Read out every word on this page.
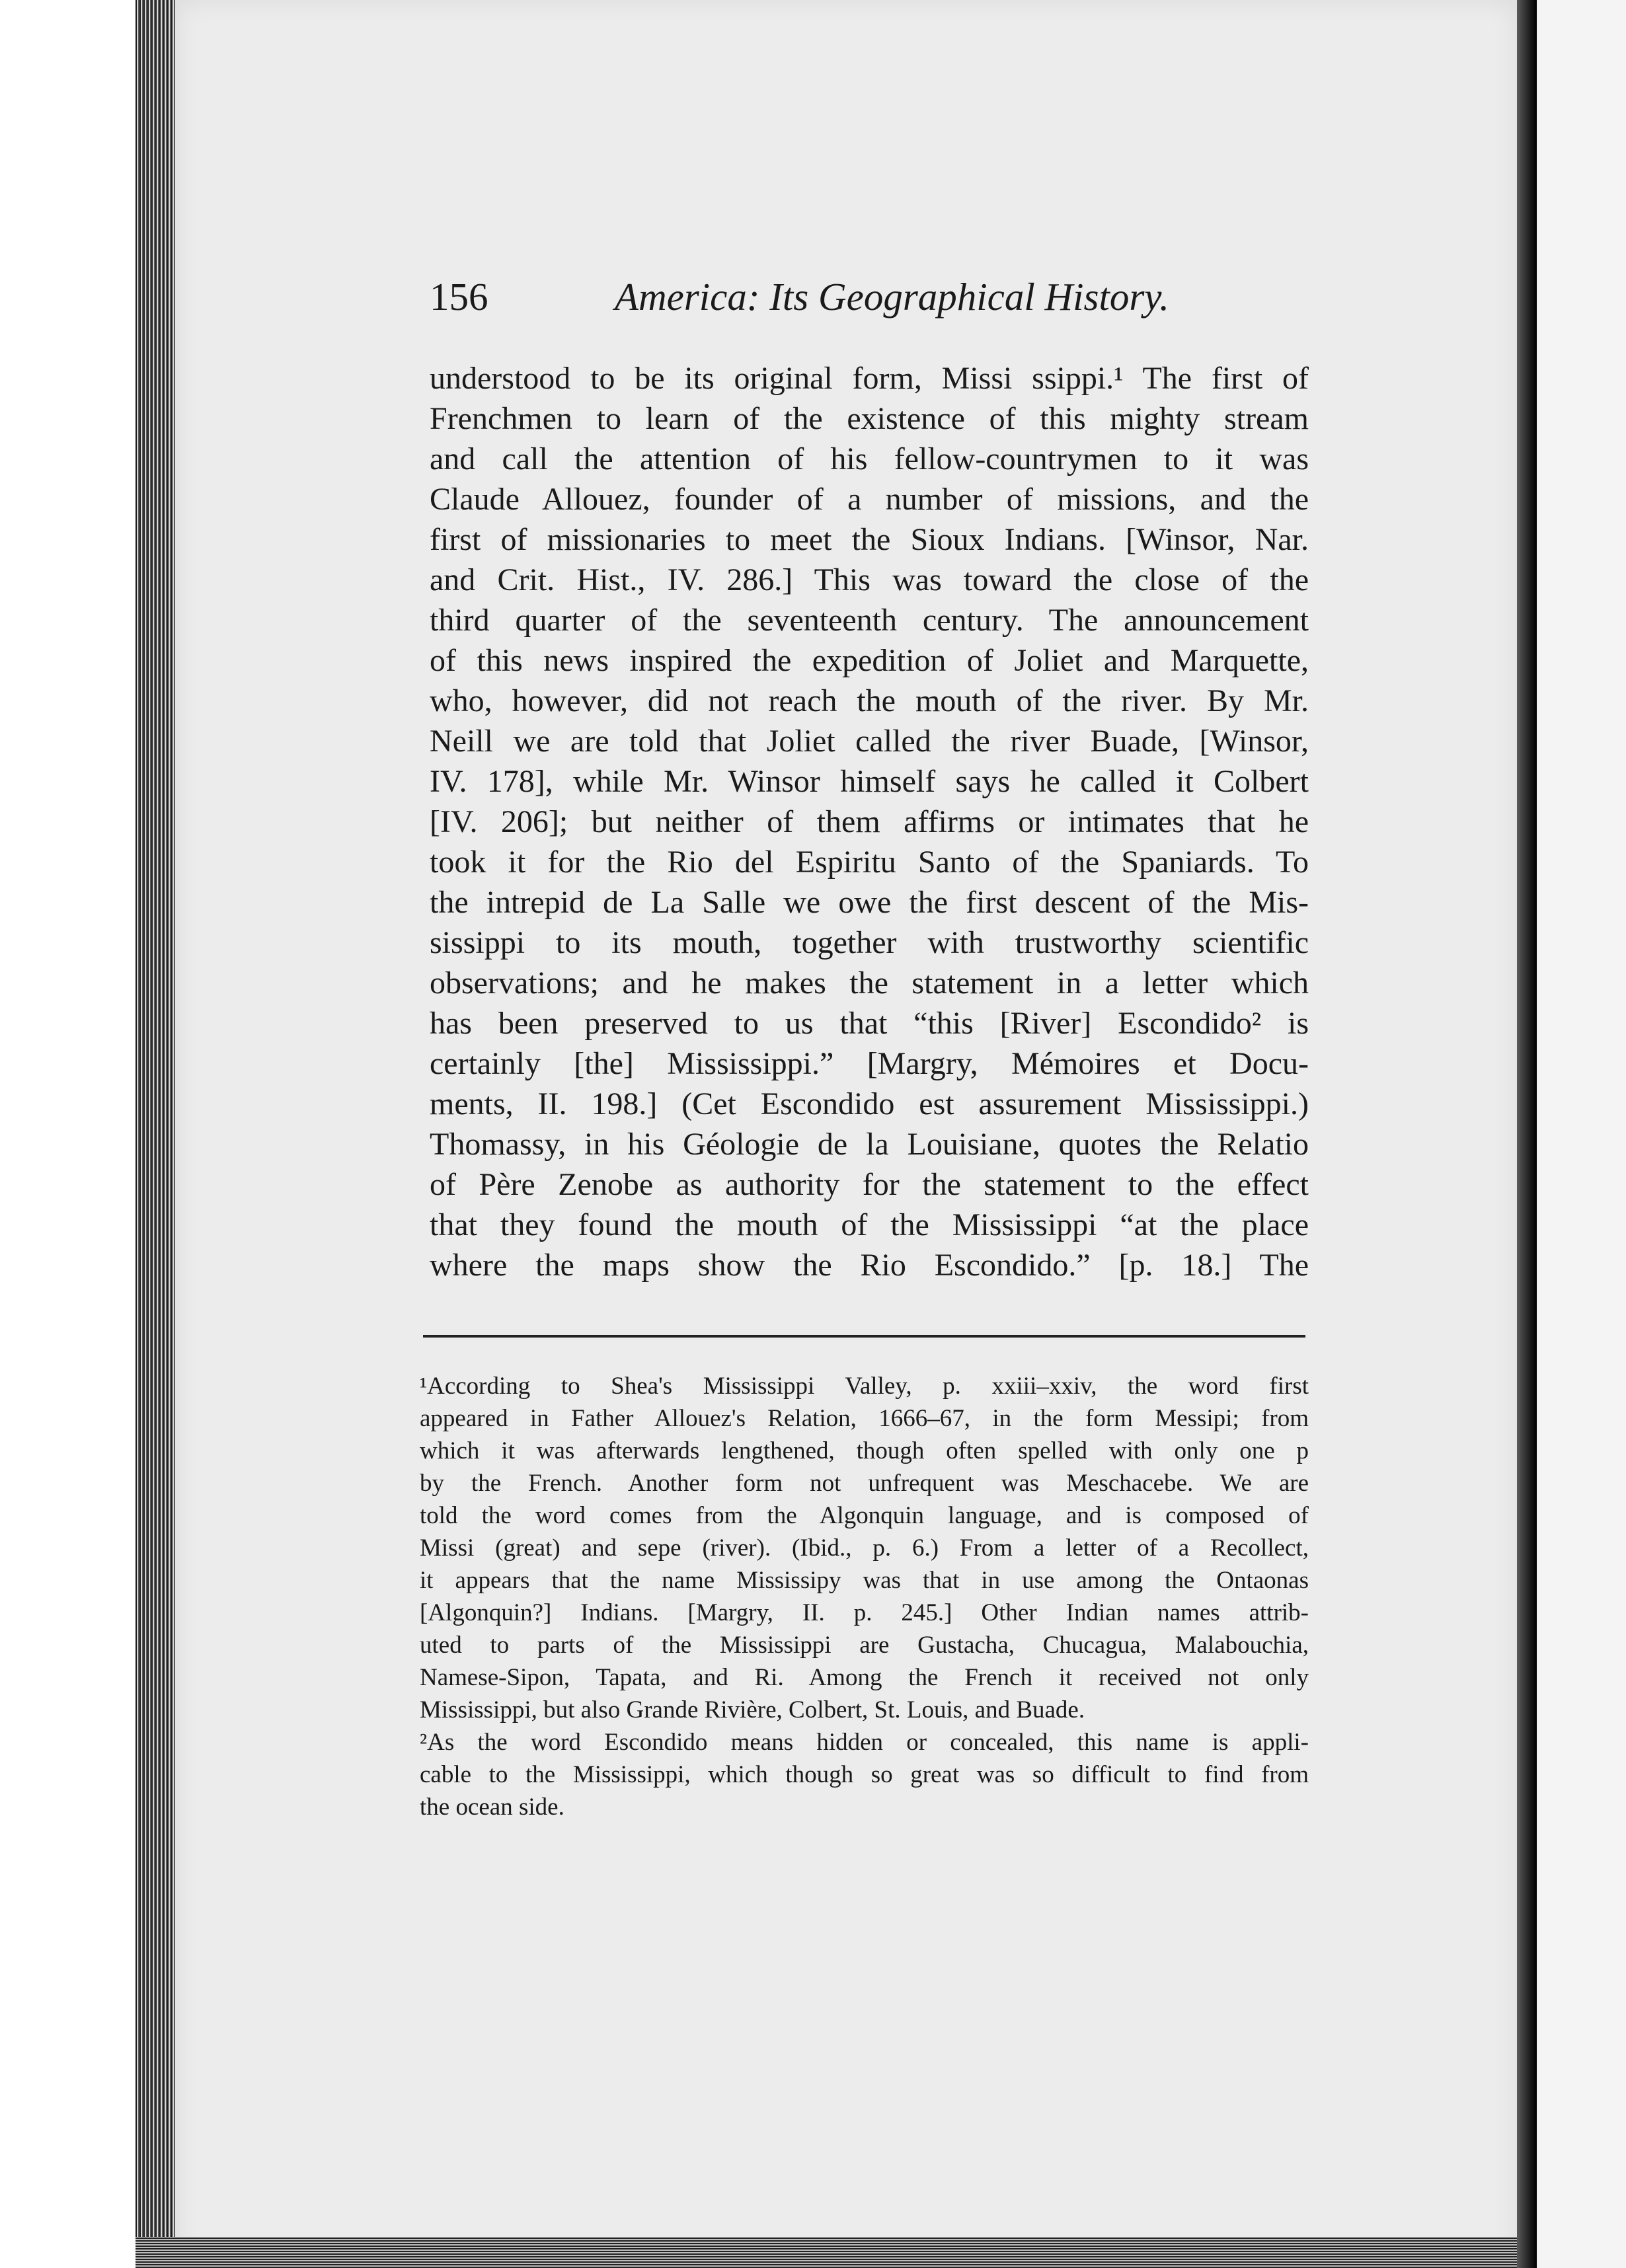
156	America: Its Geographical History.
understood to be its original form, Missi ssippi.¹ The first of
Frenchmen to learn of the existence of this mighty stream
and call the attention of his fellow-countrymen to it was
Claude Allouez, founder of a number of missions, and the
first of missionaries to meet the Sioux Indians. [Winsor, Nar.
and Crit. Hist., IV. 286.] This was toward the close of the
third quarter of the seventeenth century. The announcement
of this news inspired the expedition of Joliet and Marquette,
who, however, did not reach the mouth of the river. By Mr.
Neill we are told that Joliet called the river Buade, [Winsor,
IV. 178], while Mr. Winsor himself says he called it Colbert
[IV. 206]; but neither of them affirms or intimates that he
took it for the Rio del Espiritu Santo of the Spaniards. To
the intrepid de La Salle we owe the first descent of the Mis-
sissippi to its mouth, together with trustworthy scientific
observations; and he makes the statement in a letter which
has been preserved to us that “this [River] Escondido² is
certainly [the] Mississippi.” [Margry, Mémoires et Docu-
ments, II. 198.] (Cet Escondido est assurement Mississippi.)
Thomassy, in his Géologie de la Louisiane, quotes the Relatio
of Père Zenobe as authority for the statement to the effect
that they found the mouth of the Mississippi “at the place
where the maps show the Rio Escondido.” [p. 18.] The
¹According to Shea's Mississippi Valley, p. xxiii–xxiv, the word first
appeared in Father Allouez's Relation, 1666–67, in the form Messipi; from
which it was afterwards lengthened, though often spelled with only one p
by the French. Another form not unfrequent was Meschacebe. We are
told the word comes from the Algonquin language, and is composed of
Missi (great) and sepe (river). (Ibid., p. 6.) From a letter of a Recollect,
it appears that the name Mississipy was that in use among the Ontaonas
[Algonquin?] Indians. [Margry, II. p. 245.] Other Indian names attrib-
uted to parts of the Mississippi are Gustacha, Chucagua, Malabouchia,
Namese-Sipon, Tapata, and Ri. Among the French it received not only
Mississippi, but also Grande Rivière, Colbert, St. Louis, and Buade.
²As the word Escondido means hidden or concealed, this name is appli-
cable to the Mississippi, which though so great was so difficult to find from
the ocean side.
